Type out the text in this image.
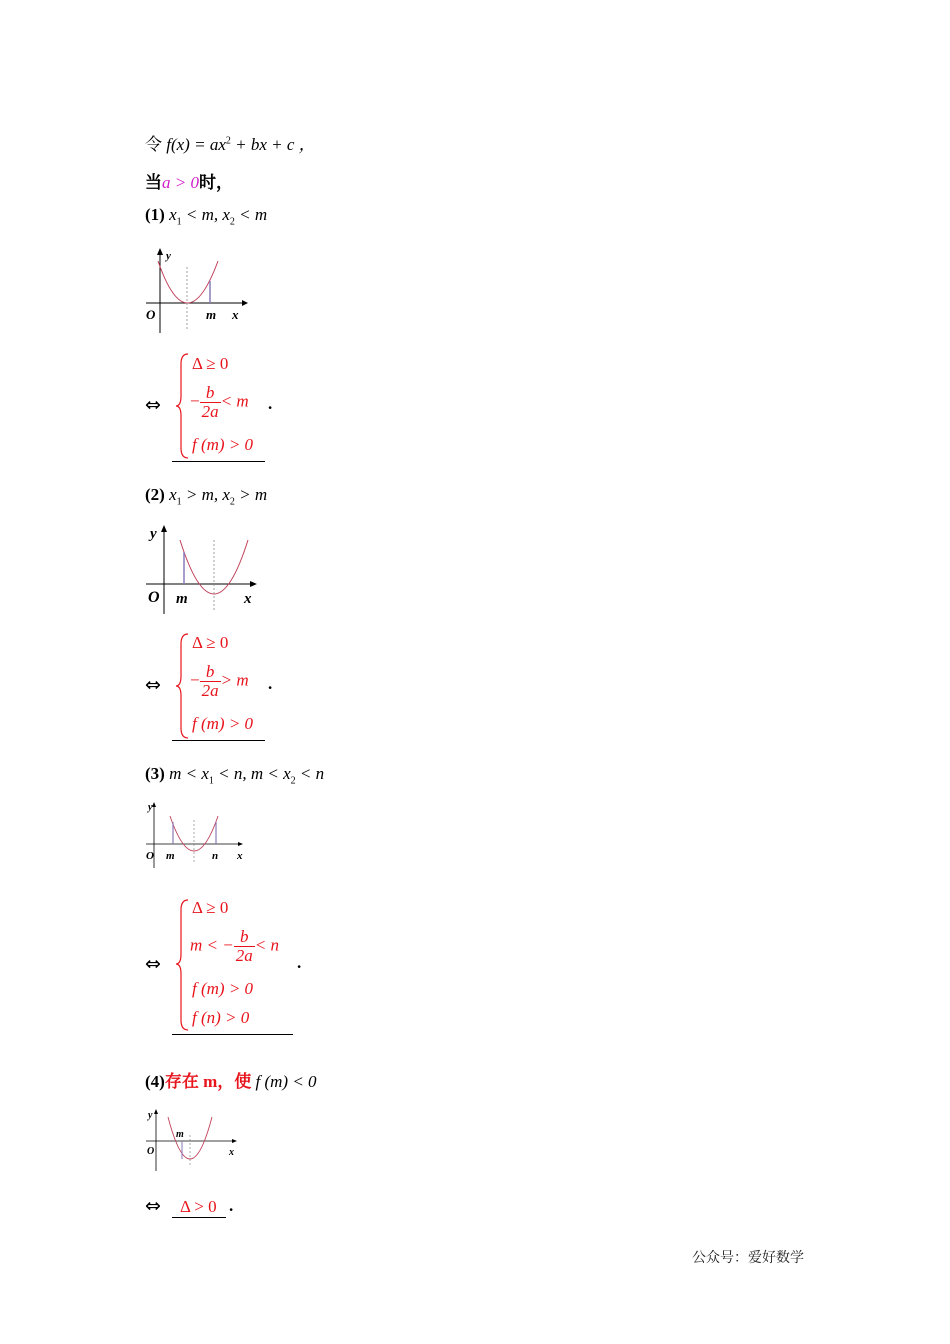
令 $f(x) = ax^2$ + bx + c ，
当a > 0时，
(1) $x_1 < m$, $x_2 < m$
O
y
m x
⇔
Δ ≥ 0
− $\frac{b}{2a} < m$
f (m) > 0
.
(2) $x_1 > m$, $x_2 > m$
O
y
m	x
⇔
Δ ≥ 0
− $\frac{b}{2a} > m$
f (m) > 0
.
(3) $m < x_1 < n$, $m < x_2 < n$
O
y
m	n x
⇔
Δ ≥ 0
m < − $\frac{b}{2a} < n$
f (m) > 0
f (n) > 0
.
(4)存在 m，使 f (m) < 0
O
y
m
x
⇔ Δ > 0 .
公众号：爱好数学
